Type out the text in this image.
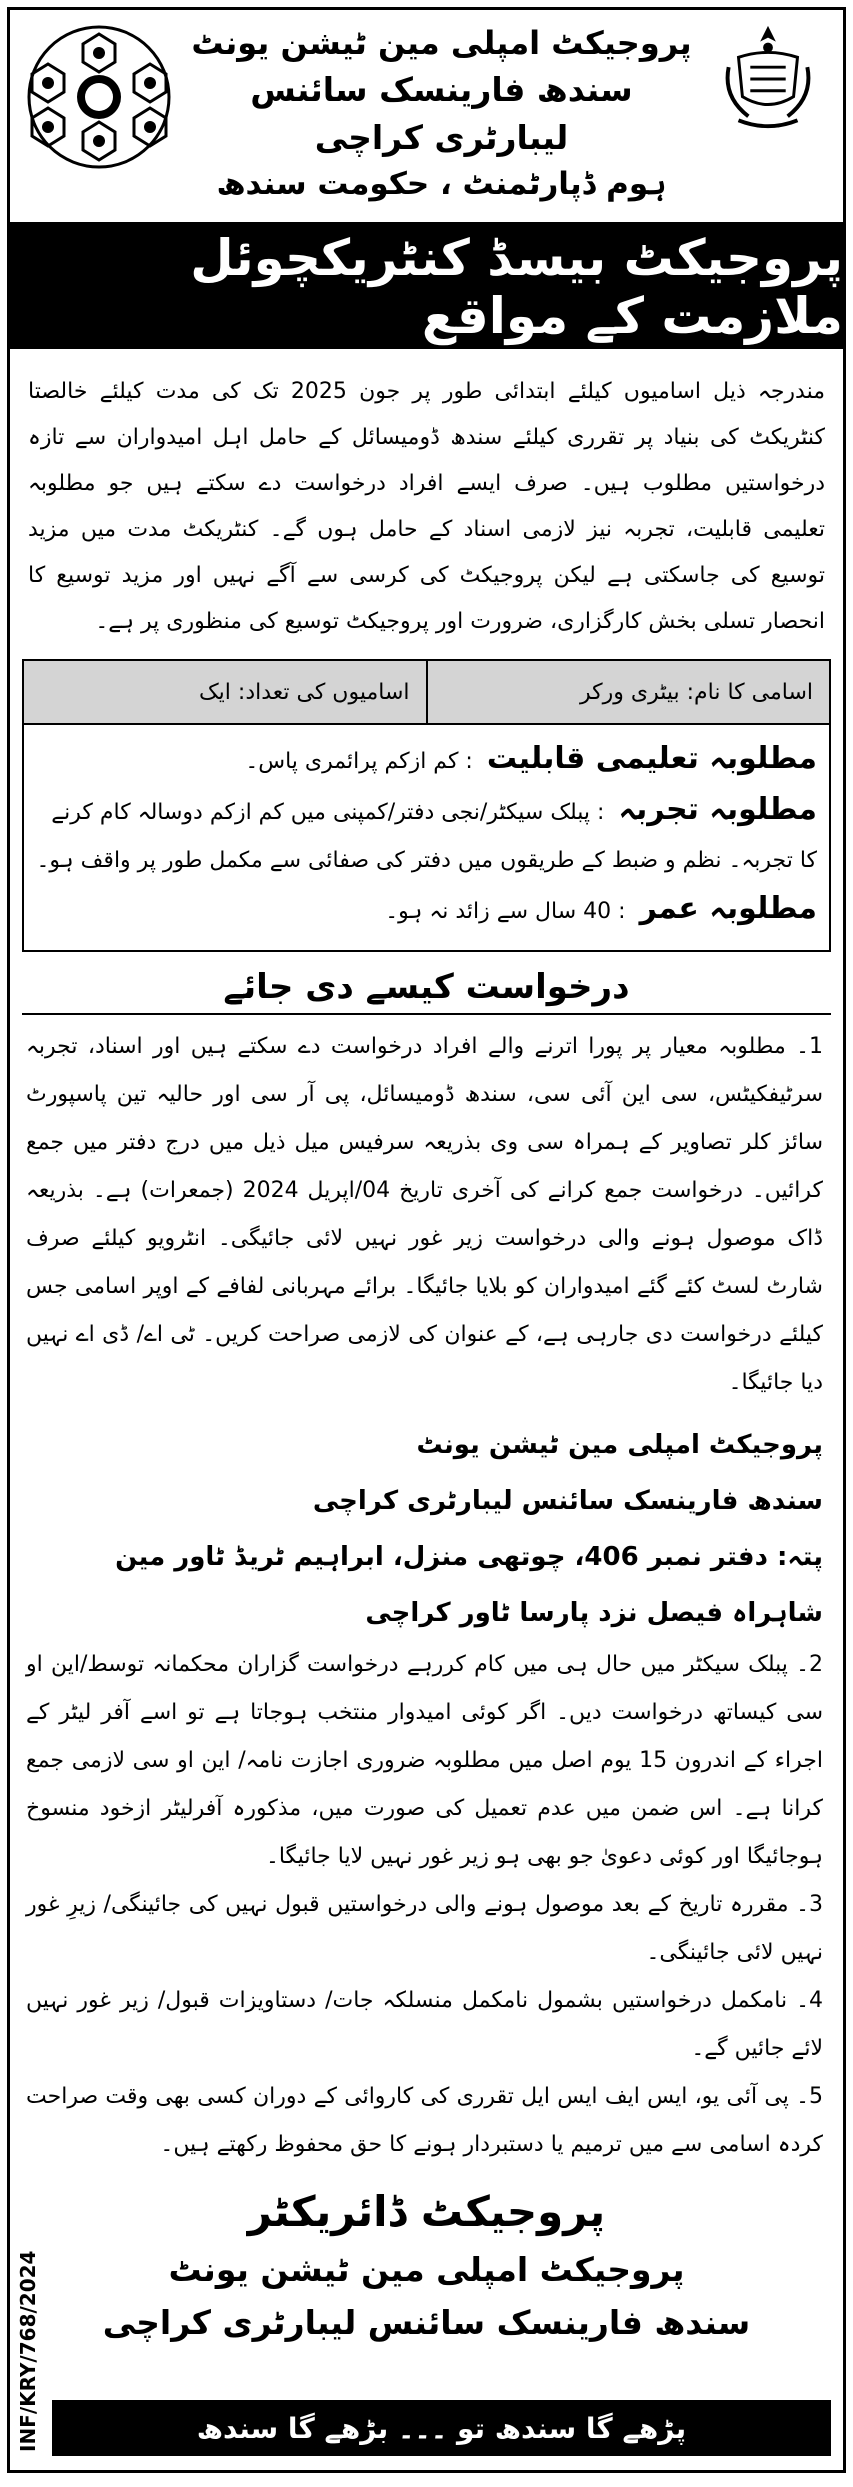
پروجیکٹ امپلی مین ٹیشن یونٹ
سندھ فارینسک سائنس لیبارٹری کراچی
ہوم ڈپارٹمنٹ ، حکومت سندھ
پروجیکٹ بیسڈ کنٹریکچوئل ملازمت کے مواقع
مندرجہ ذیل اسامیوں کیلئے ابتدائی طور پر جون 2025 تک کی مدت کیلئے خالصتا کنٹریکٹ کی بنیاد پر تقرری کیلئے سندھ ڈومیسائل کے حامل اہل امیدواران سے تازہ درخواستیں مطلوب ہیں۔ صرف ایسے افراد درخواست دے سکتے ہیں جو مطلوبہ تعلیمی قابلیت، تجربہ نیز لازمی اسناد کے حامل ہوں گے۔ کنٹریکٹ مدت میں مزید توسیع کی جاسکتی ہے لیکن پروجیکٹ کی کرسی سے آگے نہیں اور مزید توسیع کا انحصار تسلی بخش کارگزاری، ضرورت اور پروجیکٹ توسیع کی منظوری پر ہے۔
اسامی کا نام: بیٹری ورکر
اسامیوں کی تعداد: ایک
مطلوبہ تعلیمی قابلیت: کم ازکم پرائمری پاس۔
مطلوبہ تجربہ: پبلک سیکٹر/نجی دفتر/کمپنی میں کم ازکم دوسالہ کام کرنے کا تجربہ۔ نظم و ضبط کے طریقوں میں دفتر کی صفائی سے مکمل طور پر واقف ہو۔
مطلوبہ عمر: 40 سال سے زائد نہ ہو۔
درخواست کیسے دی جائے
1۔ مطلوبہ معیار پر پورا اترنے والے افراد درخواست دے سکتے ہیں اور اسناد، تجربہ سرٹیفکیٹس، سی این آئی سی، سندھ ڈومیسائل، پی آر سی اور حالیہ تین پاسپورٹ سائز کلر تصاویر کے ہمراہ سی وی بذریعہ سرفیس میل ذیل میں درج دفتر میں جمع کرائیں۔ درخواست جمع کرانے کی آخری تاریخ 04/اپریل 2024 (جمعرات) ہے۔ بذریعہ ڈاک موصول ہونے والی درخواست زیر غور نہیں لائی جائیگی۔ انٹرویو کیلئے صرف شارٹ لسٹ کئے گئے امیدواران کو بلایا جائیگا۔ برائے مہربانی لفافے کے اوپر اسامی جس کیلئے درخواست دی جارہی ہے، کے عنوان کی لازمی صراحت کریں۔ ٹی اے/ ڈی اے نہیں دیا جائیگا۔
پروجیکٹ امپلی مین ٹیشن یونٹ
سندھ فارینسک سائنس لیبارٹری کراچی
پتہ: دفتر نمبر 406، چوتھی منزل، ابراہیم ٹریڈ ٹاور مین شاہراہ فیصل نزد پارسا ٹاور کراچی
2۔ پبلک سیکٹر میں حال ہی میں کام کررہے درخواست گزاران محکمانہ توسط/این او سی کیساتھ درخواست دیں۔ اگر کوئی امیدوار منتخب ہوجاتا ہے تو اسے آفر لیٹر کے اجراء کے اندرون 15 یوم اصل میں مطلوبہ ضروری اجازت نامہ/ این او سی لازمی جمع کرانا ہے۔ اس ضمن میں عدم تعمیل کی صورت میں، مذکورہ آفرلیٹر ازخود منسوخ ہوجائیگا اور کوئی دعویٰ جو بھی ہو زیر غور نہیں لایا جائیگا۔
3۔ مقررہ تاریخ کے بعد موصول ہونے والی درخواستیں قبول نہیں کی جائینگی/ زیرِ غور نہیں لائی جائینگی۔
4۔ نامکمل درخواستیں بشمول نامکمل منسلکہ جات/ دستاویزات قبول/ زیر غور نہیں لائے جائیں گے۔
5۔ پی آئی یو، ایس ایف ایس ایل تقرری کی کاروائی کے دوران کسی بھی وقت صراحت کردہ اسامی سے میں ترمیم یا دستبردار ہونے کا حق محفوظ رکھتے ہیں۔
پروجیکٹ ڈائریکٹر
پروجیکٹ امپلی مین ٹیشن یونٹ
سندھ فارینسک سائنس لیبارٹری کراچی
INF/KRY/768/2024	پڑھے گا سندھ تو ۔۔۔ بڑھے گا سندھ
